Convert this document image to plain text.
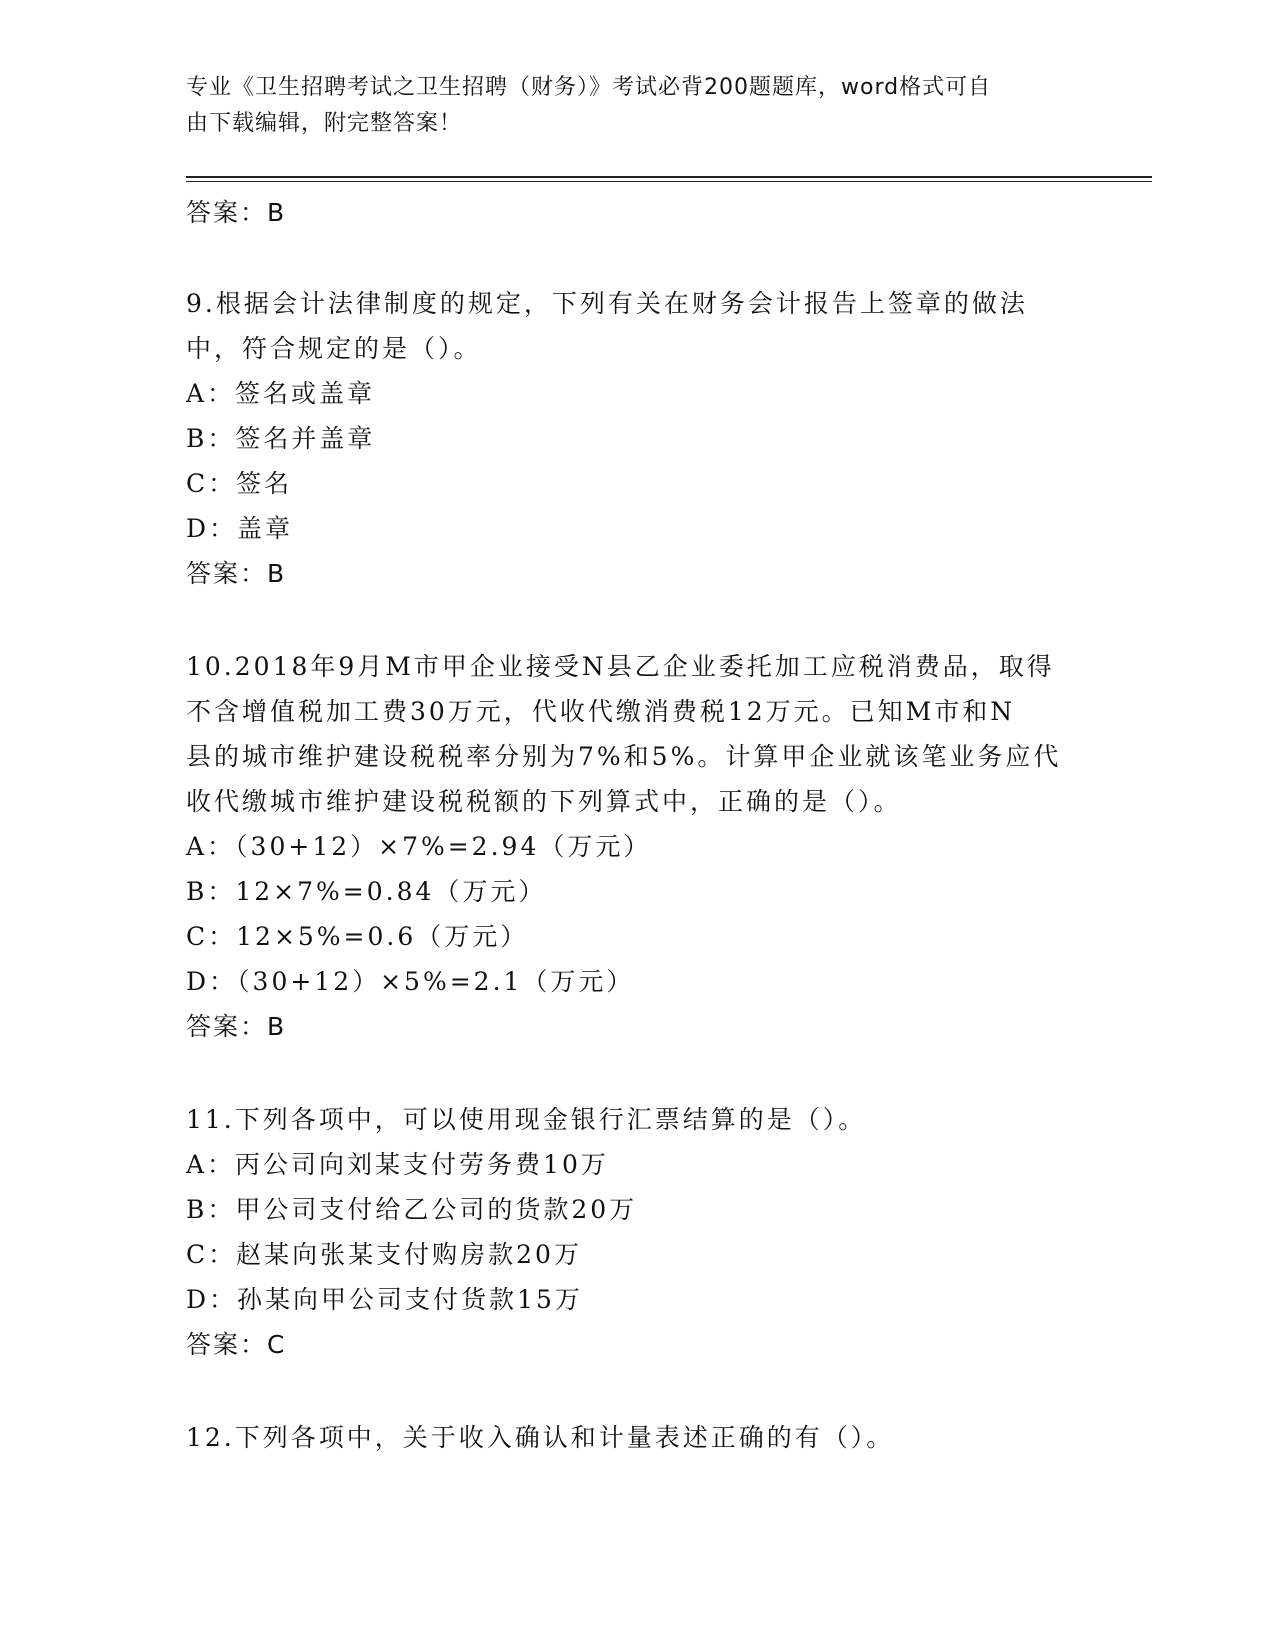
专业《卫生招聘考试之卫生招聘（财务）》考试必背200题题库，word格式可自
由下载编辑，附完整答案！
答案：B
9.根据会计法律制度的规定，下列有关在财务会计报告上签章的做法
中，符合规定的是（）。
A：签名或盖章
B：签名并盖章
C：签名
D：盖章
答案：B
10.2018年9月M市甲企业接受N县乙企业委托加工应税消费品，取得
不含增值税加工费30万元，代收代缴消费税12万元。已知M市和N
县的城市维护建设税税率分别为7%和5%。计算甲企业就该笔业务应代
收代缴城市维护建设税税额的下列算式中，正确的是（）。
A：（30+12）×7%=2.94（万元）
B：12×7%=0.84（万元）
C：12×5%=0.6（万元）
D：（30+12）×5%=2.1（万元）
答案：B
11.下列各项中，可以使用现金银行汇票结算的是（）。
A：丙公司向刘某支付劳务费10万
B：甲公司支付给乙公司的货款20万
C：赵某向张某支付购房款20万
D：孙某向甲公司支付货款15万
答案：C
12.下列各项中，关于收入确认和计量表述正确的有（）。
